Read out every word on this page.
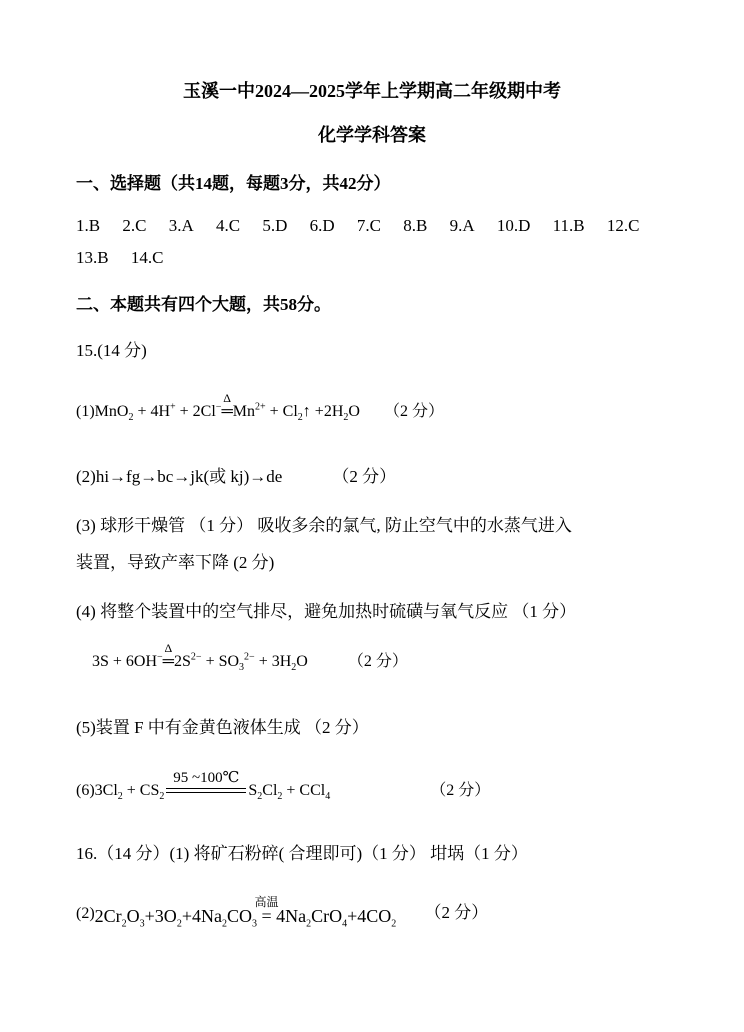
玉溪一中2024—2025学年上学期高二年级期中考
化学学科答案
一、选择题（共14题，每题3分，共42分）
1.B 2.C 3.A 4.C 5.D 6.D 7.C 8.B 9.A 10.D 11.B 12.C
13.B 14.C
二、本题共有四个大题，共58分。
15.(14 分)
(1)MnO$_2$ + 4H+ + 2Cl−
Δ
$═Mn^{2+}$ + $Cl_2↑ +2H_2O$ （2 分）
(2)hi→fg→bc→jk(或 kj)→de	（2 分）
(3) 球形干燥管 （1 分） 吸收多余的氯气, 防止空气中的水蒸气进入
装置，导致产率下降 (2 分)
(4) 将整个装置中的空气排尽，避免加热时硫磺与氧气反应 （1 分）
3S + 6OH−
Δ
$═2S^{2-} + SO_3^{2-} + 3H_2O$	（2 分）
(5)装置 F 中有金黄色液体生成 （2 分）
$(6)3Cl_2 + CS_2$
95 ~100℃
$S_2Cl_2 + CCl_4$	（2 分）
16.（14 分）(1) 将矿石粉碎( 合理即可)（1 分） 坩埚（1 分）
$(2)2Cr_2O_3+3O_2+4Na_2CO_3$
高温
= $4Na_2CrO_4+4CO_2$ （2 分）
